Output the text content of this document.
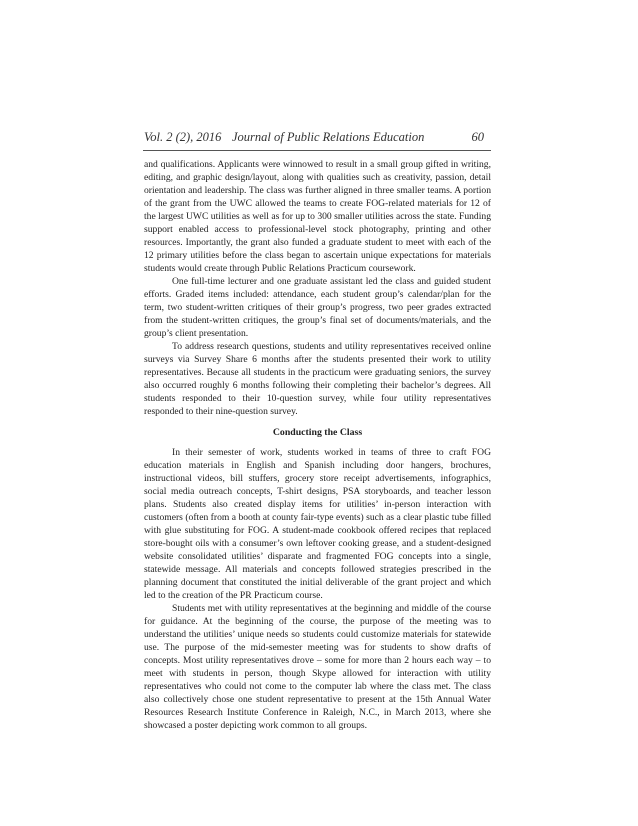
Vol. 2 (2), 2016 Journal of Public Relations Education	60

and qualifications. Applicants were winnowed to result in a small group gifted in writing, editing, and graphic design/layout, along with qualities such as creativity, passion, detail orientation and leadership. The class was further aligned in three smaller teams. A portion of the grant from the UWC allowed the teams to create FOG-related materials for 12 of the largest UWC utilities as well as for up to 300 smaller utilities across the state. Funding support enabled access to professional-level stock photography, printing and other resources. Importantly, the grant also funded a graduate student to meet with each of the 12 primary utilities before the class began to ascertain unique expectations for materials students would create through Public Relations Practicum coursework.

One full-time lecturer and one graduate assistant led the class and guided student efforts. Graded items included: attendance, each student group’s calendar/plan for the term, two student-written critiques of their group’s progress, two peer grades extracted from the student-written critiques, the group’s final set of documents/materials, and the group’s client presentation.

To address research questions, students and utility representatives received online surveys via Survey Share 6 months after the students presented their work to utility representatives. Because all students in the practicum were graduating seniors, the survey also occurred roughly 6 months following their completing their bachelor’s degrees. All students responded to their 10-question survey, while four utility representatives responded to their nine-question survey.

Conducting the Class

In their semester of work, students worked in teams of three to craft FOG education materials in English and Spanish including door hangers, brochures, instructional videos, bill stuffers, grocery store receipt advertisements, infographics, social media outreach concepts, T-shirt designs, PSA storyboards, and teacher lesson plans. Students also created display items for utilities’ in-person interaction with customers (often from a booth at county fair-type events) such as a clear plastic tube filled with glue substituting for FOG. A student-made cookbook offered recipes that replaced store-bought oils with a consumer’s own leftover cooking grease, and a student-designed website consolidated utilities’ disparate and fragmented FOG concepts into a single, statewide message. All materials and concepts followed strategies prescribed in the planning document that constituted the initial deliverable of the grant project and which led to the creation of the PR Practicum course.

Students met with utility representatives at the beginning and middle of the course for guidance. At the beginning of the course, the purpose of the meeting was to understand the utilities’ unique needs so students could customize materials for statewide use. The purpose of the mid-semester meeting was for students to show drafts of concepts. Most utility representatives drove – some for more than 2 hours each way – to meet with students in person, though Skype allowed for interaction with utility representatives who could not come to the computer lab where the class met. The class also collectively chose one student representative to present at the 15th Annual Water Resources Research Institute Conference in Raleigh, N.C., in March 2013, where she showcased a poster depicting work common to all groups.
